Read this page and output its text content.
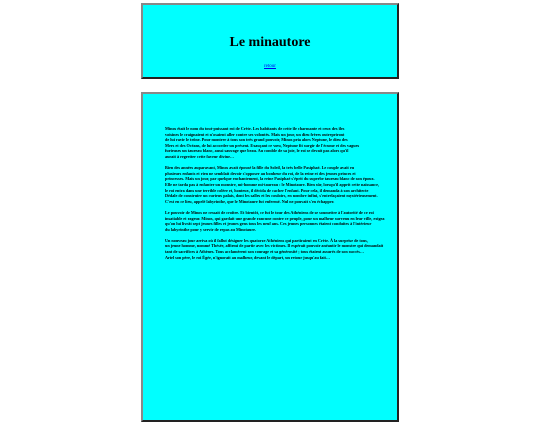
Le minautore
retour

Minos était le nom du tout-puissant roi de Crète. Les habitants de cette île charmante et ceux des îles
voisines le craignaient et n'osaient aller contre ses volontés. Mais un jour, un dieu frères outrepriront
de lui ravir le trône. Pour montrer à tous son très grand pouvoir, Minos pria alors Neptune, le dieu des
Mers et des Océans, de lui accorder un présent. Exauçant ce vœu, Neptune fit surgir de l'écume et des vagues
furieuses un taureau blanc, aussi sauvage que beau. Au comble de sa joie, le roi se devait pas alors qu'il
aurait à regretter cette faveur divine…

Bien des années auparavant, Minos avait épousé la fille du Soleil, la très belle Pasiphaé. Le couple avait eu
plusieurs enfants et rien ne semblait devoir s'opposer au bonheur du roi, de la reine et des jeunes princes et
princesses. Mais un jour, par quelque enchantement, la reine Pasiphaé s'éprit du superbe taureau blanc de son époux.
Elle ne tarda pas à enfanter un monstre, mi-homme mi-taureau : le Minotaure. Bien sûr, lorsqu'il apprit cette naissance,
le roi entra dans une terrible colère et, honteux, il décida de cacher l'enfant. Pour cela, il demanda à son architecte
Dédale de construire un curieux palais, dont les salles et les couloirs, en nombre infini, s'entrelaçaient mystérieusement.
C'est en ce lieu, appelé labyrinthe, que le Minotaure fut enfermé. Nul ne pouvait s'en échapper.

Le pouvoir de Minos ne cessait de croître. Et bientôt, ce fut le tour des Athéniens de se soumettre à l'autorité de ce roi
insatiable et rageur. Minos, qui gardait une grande rancune contre ce peuple, pour un malheur survenu en leur ville, exigea
qu'on lui livrât sept jeunes filles et jeunes gens tous les neuf ans. Ces jeunes personnes étaient conduites à l'intérieur
du labyrinthe pour y servir de repas au Minotaure.

Un nouveau jour arriva où il fallut désigner les quatorze Athéniens qui partiraient en Crète. À la surprise de tous,
un jeune homme, nommé Thésée, affirmi de partir avec les victimes. Il espérait pouvoir anéantir le monstre qui demandait
tant de sacrifices à Athènes. Tous acclamèrent son courage et sa générosité ; tous étaient assurés de son succès…
Ariel son père, le roi Égée, n'ignorait au malheur, devant le départ, un retour jusqu'au fait…
